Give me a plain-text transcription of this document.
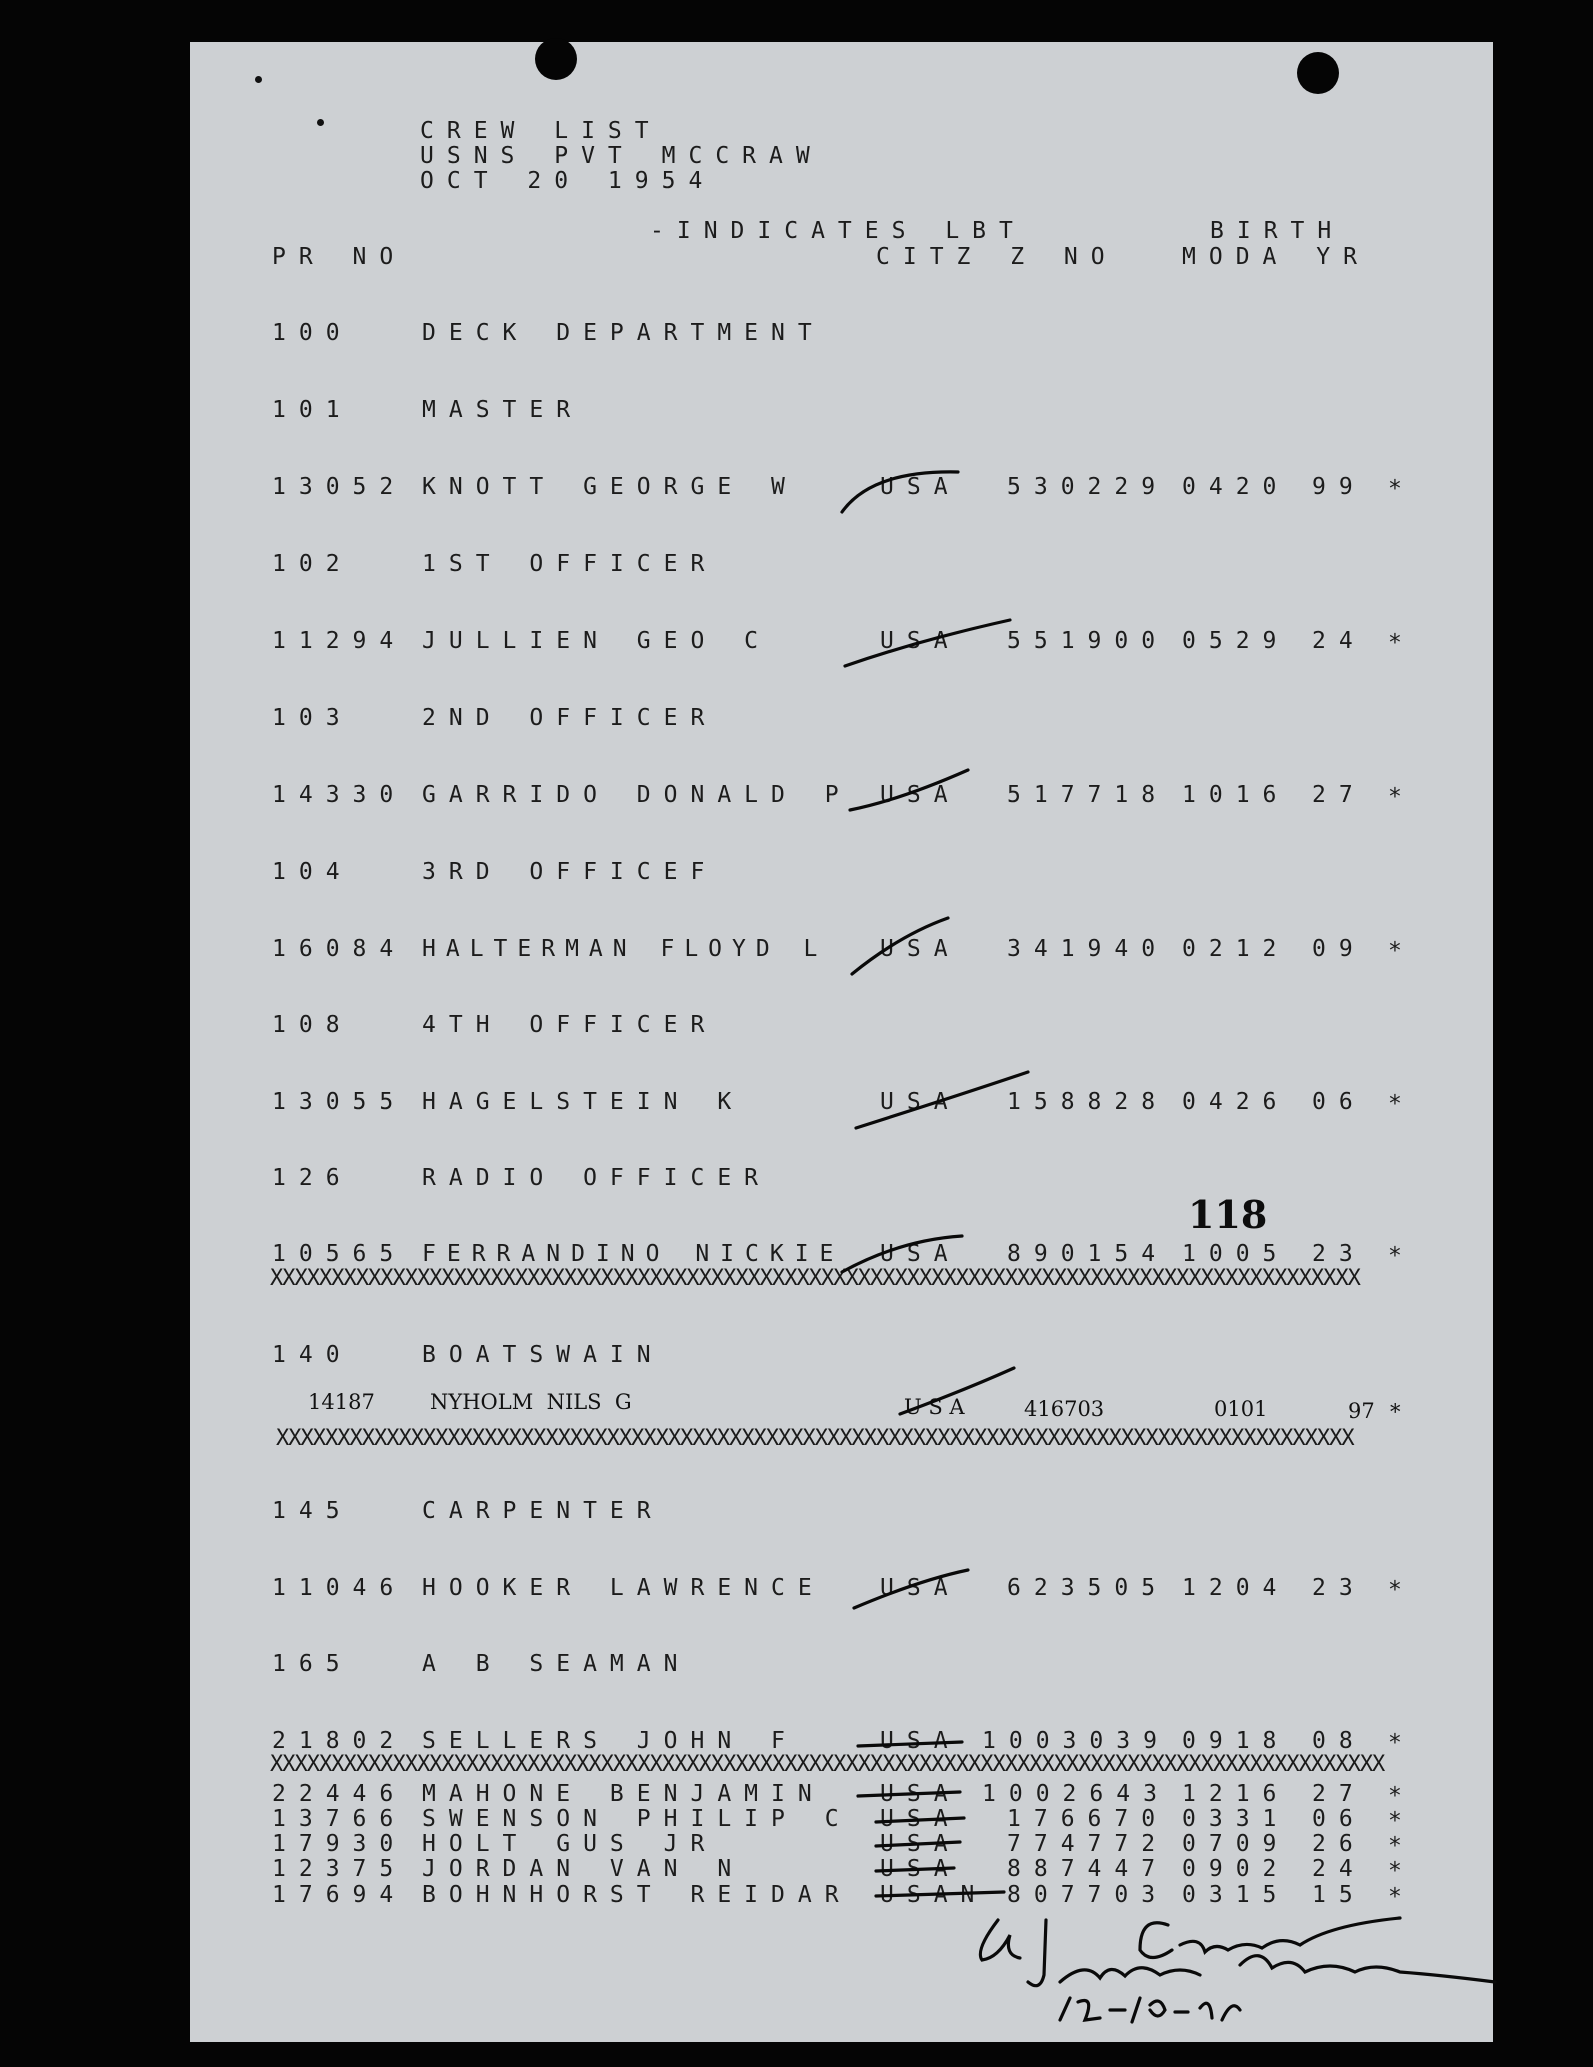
CREW LIST
USNS PVT MCCRAW
OCT 20 1954
-INDICATES LBT	BIRTH
PR NO	CITZ Z NO	MODA YR
100	DECK DEPARTMENT
101	MASTER
13052 KNOTT GEORGE W	USA 530229 0420 99 *
102	1ST OFFICER
11294 JULLIEN GEO C	USA 551900 0529 24 *
103	2ND OFFICER
14330 GARRIDO DONALD P USA 517718 1016 27 *
104	3RD OFFICEF
16084 HALTERMAN FLOYD L USA 341940 0212 09 *
108	4TH OFFICER
13055 HAGELSTEIN K	USA 158828 0426 06 *
126	RADIO OFFICER
118
10565 FERRANDINO NICKIE USA 890154 1005 23 *
XXXXXXXXXXXXXXXXXXXXXXXXXXXXXXXXXXXXXXXXXXXXXXXXXXXXXXXXXXXXXXXXXXXXXXXXXXXXXXXXXXXXXXXXX
140	BOATSWAIN
14187	NYHOLM  NILS  G	U S A	416703	0101	97 *
XXXXXXXXXXXXXXXXXXXXXXXXXXXXXXXXXXXXXXXXXXXXXXXXXXXXXXXXXXXXXXXXXXXXXXXXXXXXXXXXXXXXXXXX
145	CARPENTER
11046 HOOKER LAWRENCE USA 623505 1204 23 *
165	A B SEAMAN
21802 SELLERS JOHN F	USA 1003039 0918 08 *
XXXXXXXXXXXXXXXXXXXXXXXXXXXXXXXXXXXXXXXXXXXXXXXXXXXXXXXXXXXXXXXXXXXXXXXXXXXXXXXXXXXXXXXXXXX
22446 MAHONE BENJAMIN USA 1002643 1216 27 *
13766 SWENSON PHILIP C USA 176670 0331 06 *
17930 HOLT GUS JR	USA 774772 0709 26 *
12375 JORDAN VAN N	USA 887447 0902 24 *
17694 BOHNHORST REIDAR USAN 807703 0315 15 *
